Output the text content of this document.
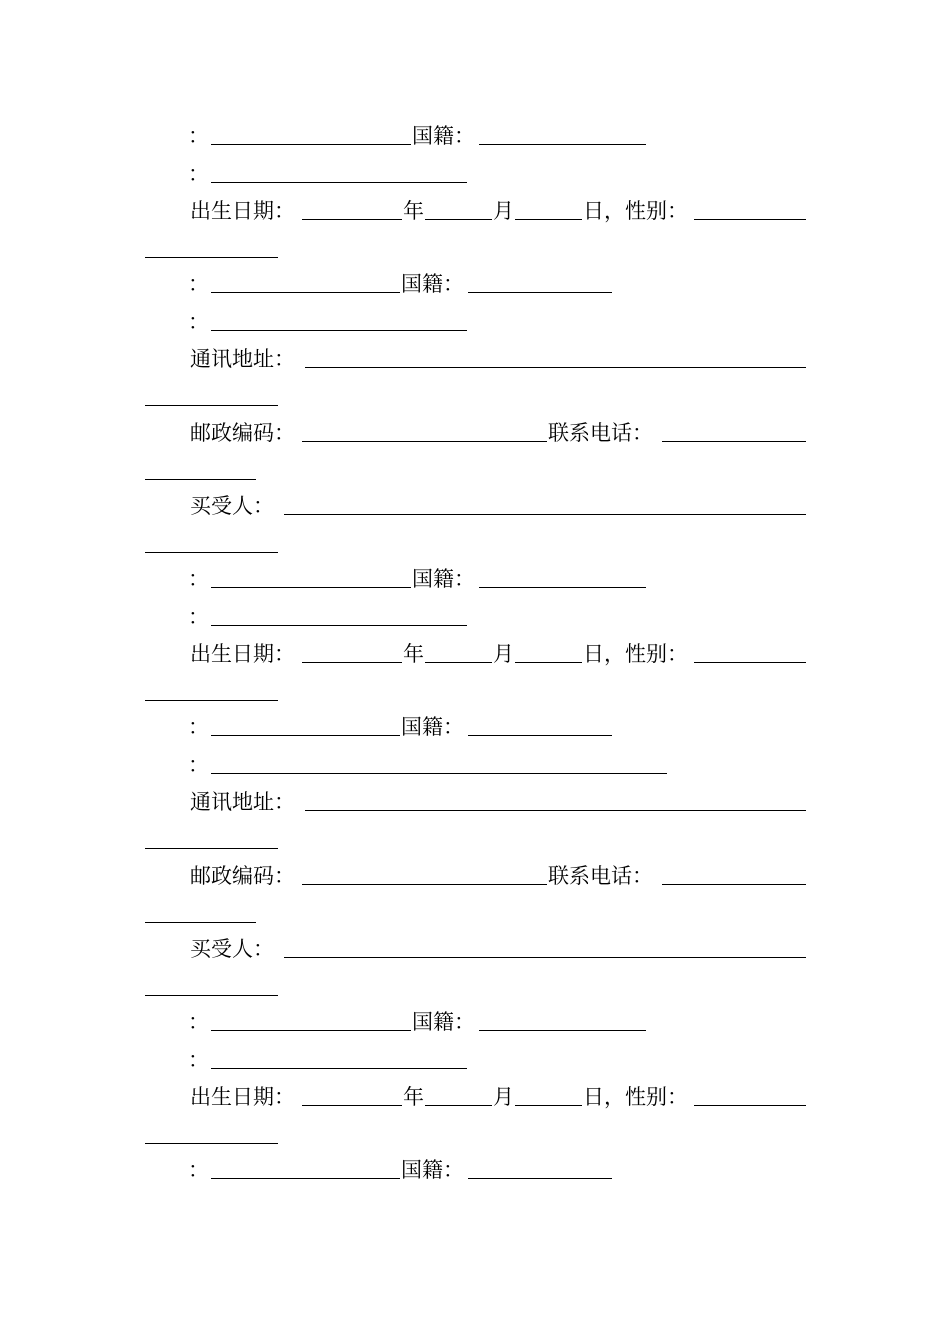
：	国籍：
：
出生日期：	年	月	日，性别：
：	国籍：
：
通讯地址：
邮政编码：	联系电话：
买受人：
：	国籍：
：
出生日期：	年	月	日，性别：
：	国籍：
：
通讯地址：
邮政编码：	联系电话：
买受人：
：	国籍：
：
出生日期：	年	月	日，性别：
：	国籍：
